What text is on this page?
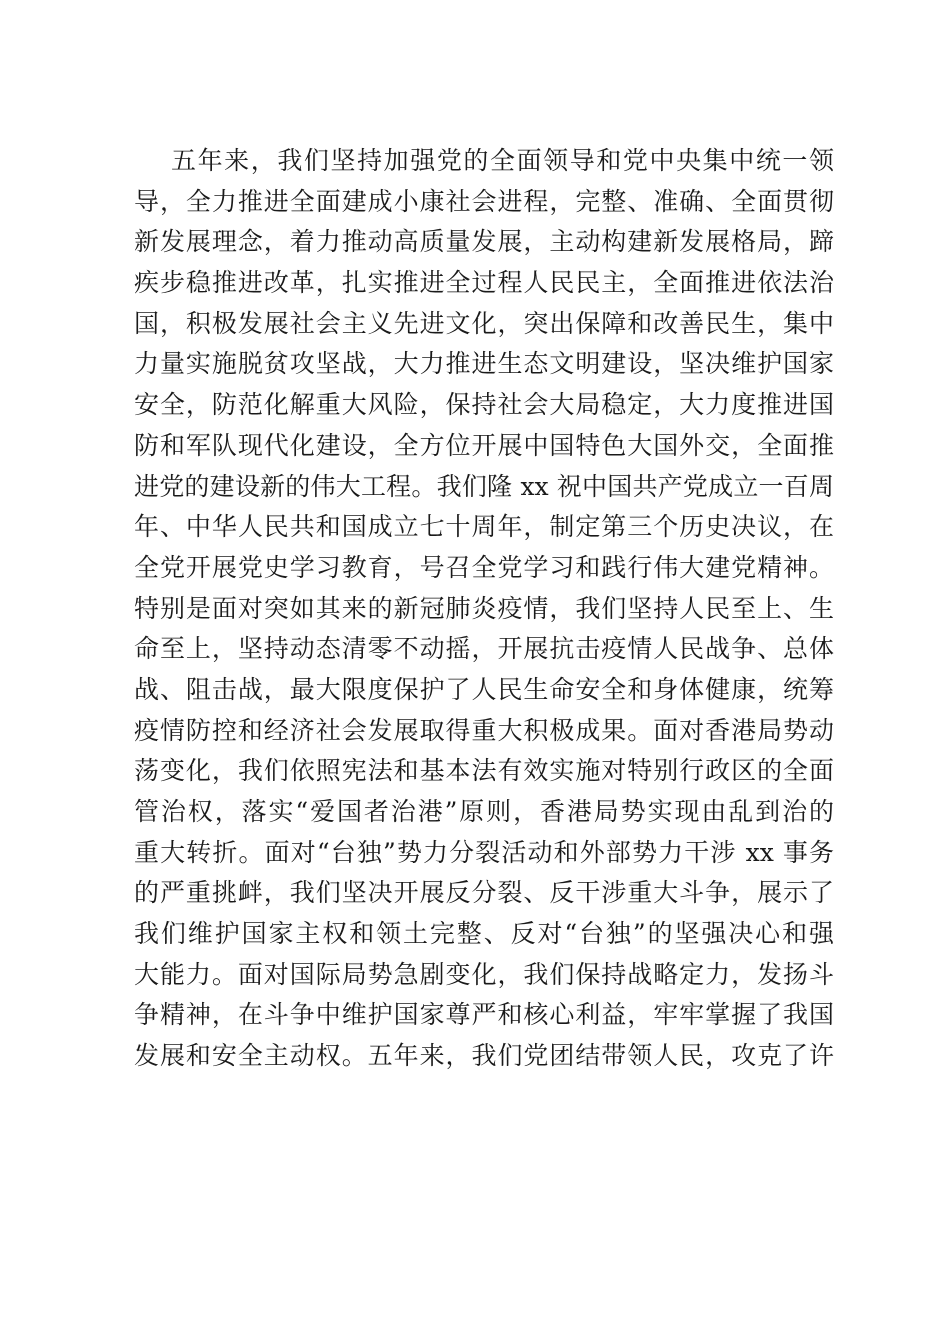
五年来，我们坚持加强党的全面领导和党中央集中统一领
导，全力推进全面建成小康社会进程，完整、准确、全面贯彻
新发展理念，着力推动高质量发展，主动构建新发展格局，蹄
疾步稳推进改革，扎实推进全过程人民民主，全面推进依法治
国，积极发展社会主义先进文化，突出保障和改善民生，集中
力量实施脱贫攻坚战，大力推进生态文明建设，坚决维护国家
安全，防范化解重大风险，保持社会大局稳定，大力度推进国
防和军队现代化建设，全方位开展中国特色大国外交，全面推
进党的建设新的伟大工程。我们隆 xx 祝中国共产党成立一百周
年、中华人民共和国成立七十周年，制定第三个历史决议，在
全党开展党史学习教育，号召全党学习和践行伟大建党精神。
特别是面对突如其来的新冠肺炎疫情，我们坚持人民至上、生
命至上，坚持动态清零不动摇，开展抗击疫情人民战争、总体
战、阻击战，最大限度保护了人民生命安全和身体健康，统筹
疫情防控和经济社会发展取得重大积极成果。面对香港局势动
荡变化，我们依照宪法和基本法有效实施对特别行政区的全面
管治权，落实“爱国者治港”原则，香港局势实现由乱到治的
重大转折。面对“台独”势力分裂活动和外部势力干涉 xx 事务
的严重挑衅，我们坚决开展反分裂、反干涉重大斗争，展示了
我们维护国家主权和领土完整、反对“台独”的坚强决心和强
大能力。面对国际局势急剧变化，我们保持战略定力，发扬斗
争精神，在斗争中维护国家尊严和核心利益，牢牢掌握了我国
发展和安全主动权。五年来，我们党团结带领人民，攻克了许
